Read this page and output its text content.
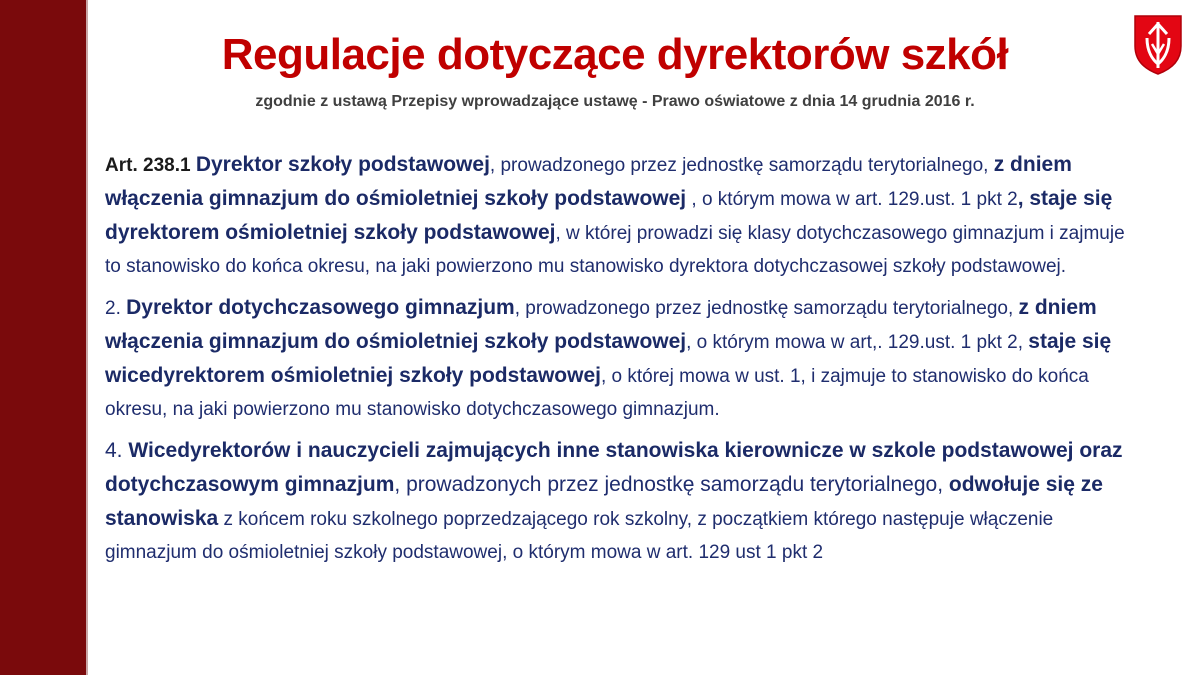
Regulacje dotyczące dyrektorów szkół
zgodnie z ustawą Przepisy wprowadzające ustawę - Prawo oświatowe z dnia 14 grudnia 2016 r.

Art. 238.1 Dyrektor szkoły podstawowej, prowadzonego przez jednostkę samorządu terytorialnego, z dniem włączenia gimnazjum do ośmioletniej szkoły podstawowej , o którym mowa w art. 129.ust. 1 pkt 2, staje się dyrektorem ośmioletniej szkoły podstawowej, w której prowadzi się klasy dotychczasowego gimnazjum i zajmuje to stanowisko do końca okresu, na jaki powierzono mu stanowisko dyrektora dotychczasowej szkoły podstawowej.

2. Dyrektor dotychczasowego gimnazjum, prowadzonego przez jednostkę samorządu terytorialnego, z dniem włączenia gimnazjum do ośmioletniej szkoły podstawowej, o którym mowa w art,. 129.ust. 1 pkt 2, staje się wicedyrektorem ośmioletniej szkoły podstawowej, o której mowa w ust. 1, i zajmuje to stanowisko do końca okresu, na jaki powierzono mu stanowisko dotychczasowego gimnazjum.

4. Wicedyrektorów i nauczycieli zajmujących inne stanowiska kierownicze w szkole podstawowej oraz dotychczasowym gimnazjum, prowadzonych przez jednostkę samorządu terytorialnego, odwołuje się ze stanowiska z końcem roku szkolnego poprzedzającego rok szkolny, z początkiem którego następuje włączenie gimnazjum do ośmioletniej szkoły podstawowej, o którym mowa w art. 129 ust 1 pkt 2
